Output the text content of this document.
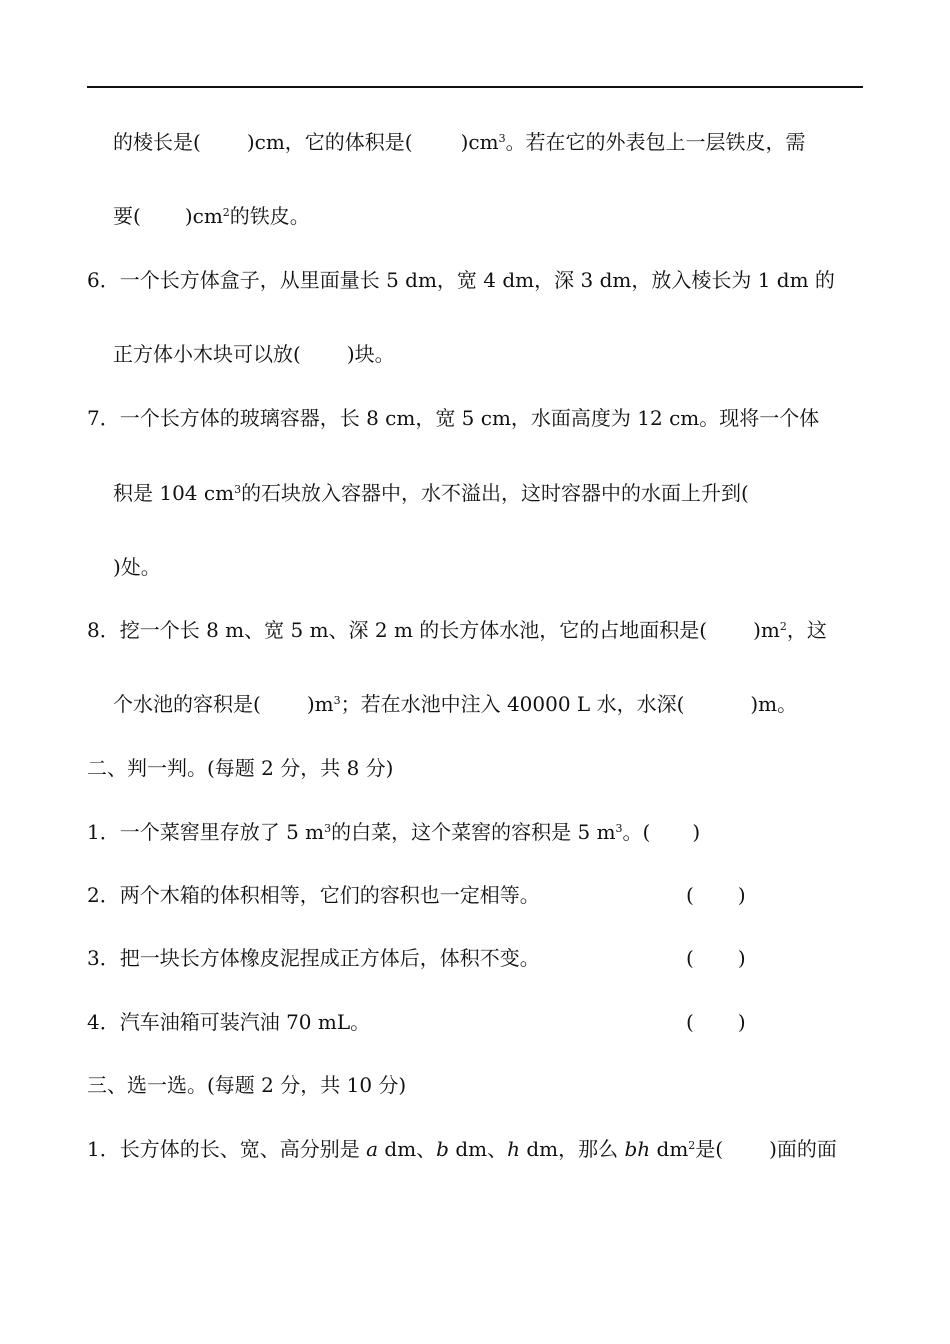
的棱长是( )cm，它的体积是( )$cm^3$。若在它的外表包上一层铁皮，需
要( )$cm^2$的铁皮。
6．一个长方体盒子，从里面量长 5 dm，宽 4 dm，深 3 dm，放入棱长为 1 dm 的
正方体小木块可以放( )块。
7．一个长方体的玻璃容器，长 8 cm，宽 5 cm，水面高度为 12 cm。现将一个体
积是 104 $cm^3$的石块放入容器中，水不溢出，这时容器中的水面上升到(
)处。
8．挖一个长 8 m、宽 5 m、深 2 m 的长方体水池，它的占地面积是( )$m^2$，这
个水池的容积是( )$m^3$；若在水池中注入 40000 L 水，水深(	)m。
二、判一判。(每题 2 分，共 8 分)
1．一个菜窖里存放了 5 $m^3$的白菜，这个菜窖的容积是 5 $m^3$。( )
2．两个木箱的体积相等，它们的容积也一定相等。	( )
3．把一块长方体橡皮泥捏成正方体后，体积不变。	( )
4．汽车油箱可装汽油 70 mL。	( )
三、选一选。(每题 2 分，共 10 分)
1．长方体的长、宽、高分别是 a dm、b dm、h dm，那么 bh $dm^2$是( )面的面
